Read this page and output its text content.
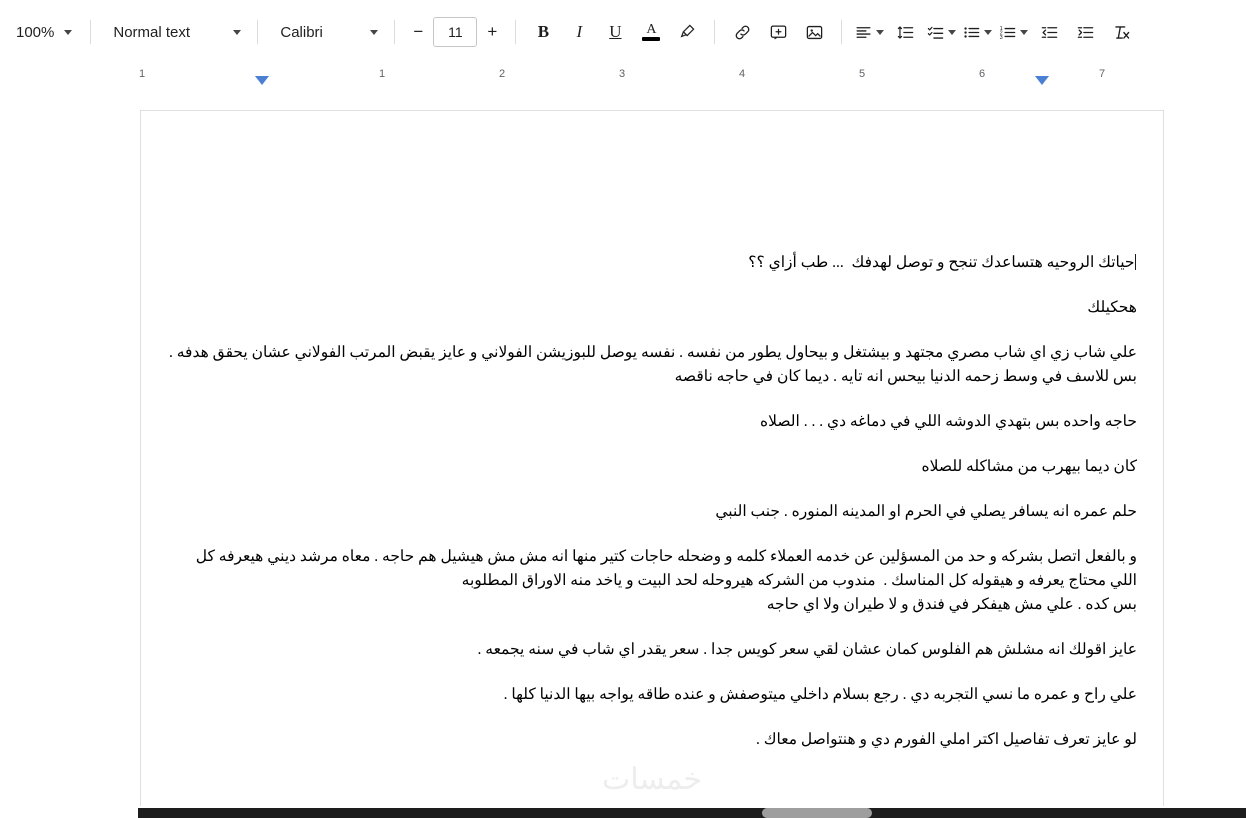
100%	Normal text	Calibri	−
11	+	B	I	U	A	1
2
3
1	1	2	3	4	5	6	7

حياتك الروحيه هتساعدك تنجح و توصل لهدفك  ... طب أزاي ؟؟

هحكيلك

علي شاب زي اي شاب مصري مجتهد و بيشتغل و بيحاول يطور من نفسه . نفسه يوصل للبوزيشن الفولاني و عايز يقبض المرتب الفولاني عشان يحقق هدفه . بس للاسف في وسط زحمه الدنيا بيحس انه تايه . ديما كان في حاجه ناقصه

حاجه واحده بس بتهدي الدوشه اللي في دماغه دي . . . الصلاه

كان ديما بيهرب من مشاكله للصلاه

حلم عمره انه يسافر يصلي في الحرم او المدينه المنوره . جنب النبي

و بالفعل اتصل بشركه و حد من المسؤلين عن خدمه العملاء كلمه و وضحله حاجات كتير منها انه مش مش هيشيل هم حاجه . معاه مرشد ديني هيعرفه كل اللي محتاج يعرفه و هيقوله كل المناسك .  مندوب من الشركه هيروحله لحد البيت و ياخد منه الاوراق المطلوبه

بس كده . علي مش هيفكر في فندق و لا طيران ولا اي حاجه

عايز اقولك انه مشلش هم الفلوس كمان عشان لقي سعر كويس جدا . سعر يقدر اي شاب في سنه يجمعه .

علي راح و عمره ما نسي التجربه دي . رجع بسلام داخلي ميتوصفش و عنده طاقه يواجه بيها الدنيا كلها .

لو عايز تعرف تفاصيل اكتر املي الفورم دي و هنتواصل معاك .

خمسات
